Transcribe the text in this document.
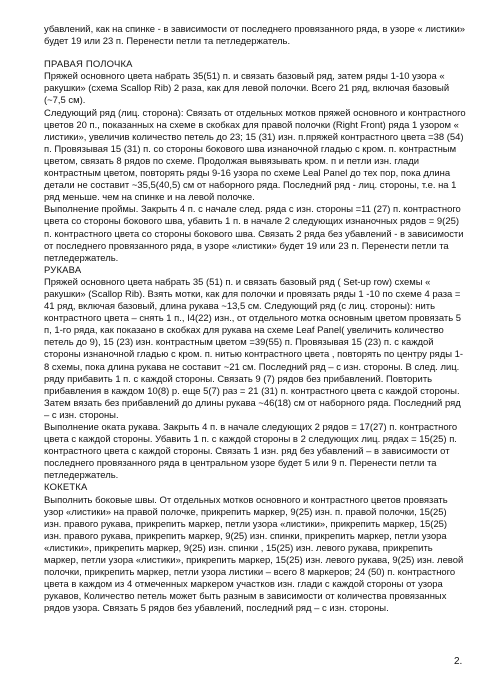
убавлений, как на спинке - в зависимости от последнего провязанного ряда, в узоре « листики» будет 19 или 23 п. Перенести петли та петледержатель.

ПРАВАЯ ПОЛОЧКА

Пряжей основного цвета набрать 35(51) п. и связать базовый ряд, затем ряды 1-10 узора « ракушки» (схема Scallop Rib) 2 раза, как для левой полочки. Всего 21 ряд, включая базовый (~7,5 см).

Следующий ряд (лиц. сторона): Связать от отдельных мотков пряжей основного и контрастного цветов 20 п., показанных на схеме в скобках для правой полочки (Right Front) ряда 1 узором « листики», увеличив количество петель до 23; 15 (31) изн. п.пряжей контрастного цвета =38 (54) п. Провязывая 15 (31) п. со стороны бокового шва изнаночной гладью с кром. п. контрастным цветом, связать 8 рядов по схеме. Продолжая вывязывать кром. п и петли изн. глади контрастным цветом, повторять ряды 9-16 узора по схеме Leal Panel до тех пор, пока длина детали не составит ~35,5(40,5) см от наборного ряда. Последний ряд - лиц. стороны, т.е. на 1 ряд меньше. чем на спинке и на левой полочке.

Выполнение проймы. Закрыть 4 п. с начале след. ряда с изн. стороны =11 (27) п. контрастного цвета со стороны бокового шва, убавить 1 п. в начале 2 следующих изнаночных рядов = 9(25) п. контрастного цвета со стороны бокового шва. Связать 2 ряда без убавлений - в зависимости от последнего провязанного ряда, в узоре «листики» будет 19 или 23 п. Перенести петли та петледержатель.

РУКАВА

Пряжей основного цвета набрать 35 (51) п. и связать базовый ряд ( Set-up row) схемы « ракушки» (Scallop Rib). Взять мотки, как для полочки и провязать ряды 1 -10 по схеме 4 раза = 41 ряд, включая базовый, длина рукава ~13,5 см. Следующий ряд (с лиц. стороны): нить контрастного цвета – снять 1 п., І4(22) изн., от отдельного мотка основным цветом провязать 5 п, 1-го ряда, как показано в скобках для рукава на схеме Leaf Panel( увеличить количество петель до 9), 15 (23) изн. контрастным цветом =39(55) п. Провязывая 15 (23) п. с каждой стороны изнаночной гладью с кром. п. нитью контрастного цвета , повторять по центру ряды 1-8 схемы, пока длина рукава не составит ~21 см. Последний ряд – с изн. стороны. В след. лиц. ряду прибавить 1 п. с каждой стороны. Связать 9 (7) рядов без прибавлений. Повторить прибавления в каждом 10(8) р. еще 5(7) раз = 21 (31) п. контрастного цвета с каждой стороны. Затем вязать без прибавлений до длины рукава ~46(18) см от наборного ряда. Последний ряд – с изн. стороны.

Выполнение оката рукава. Закрыть 4 п. в начале следующих 2 рядов = 17(27) п. контрастного цвета с каждой стороны. Убавить 1 п. с каждой стороны в 2 следующих лиц. рядах = 15(25) п. контрастного цвета с каждой стороны. Связать 1 изн. ряд без убавлений – в зависимости от последнего провязанного ряда в центральном узоре будет 5 или 9 п. Перенести петли та петледержатель.

КОКЕТКА

Выполнить боковые швы. От отдельных мотков основного и контрастного цветов провязать узор «листики» на правой полочке, прикрепить маркер, 9(25) изн. п. правой полочки, 15(25) изн. правого рукава, прикрепить маркер, петли узора «листики», прикрепить маркер, 15(25) изн. правого рукава, прикрепить маркер, 9(25) изн. спинки, прикрепить маркер, петли узора «листики», прикрепить маркер, 9(25) изн. спинки , 15(25) изн. левого рукава, прикрепить маркер, петли узора «листики», прикрепить маркер, 15(25) изн. левого рукава, 9(25) изн. левой полочки, прикрепить маркер, петли узора листики – всего 8 маркеров; 24 (50) п. контрастного цвета в каждом из 4 отмеченных маркером участков изн. глади с каждой стороны от узора рукавов, Количество петель может быть разным в зависимости от количества провязанных рядов узора. Связать 5 рядов без убавлений, последний ряд – с изн. стороны.

2.
